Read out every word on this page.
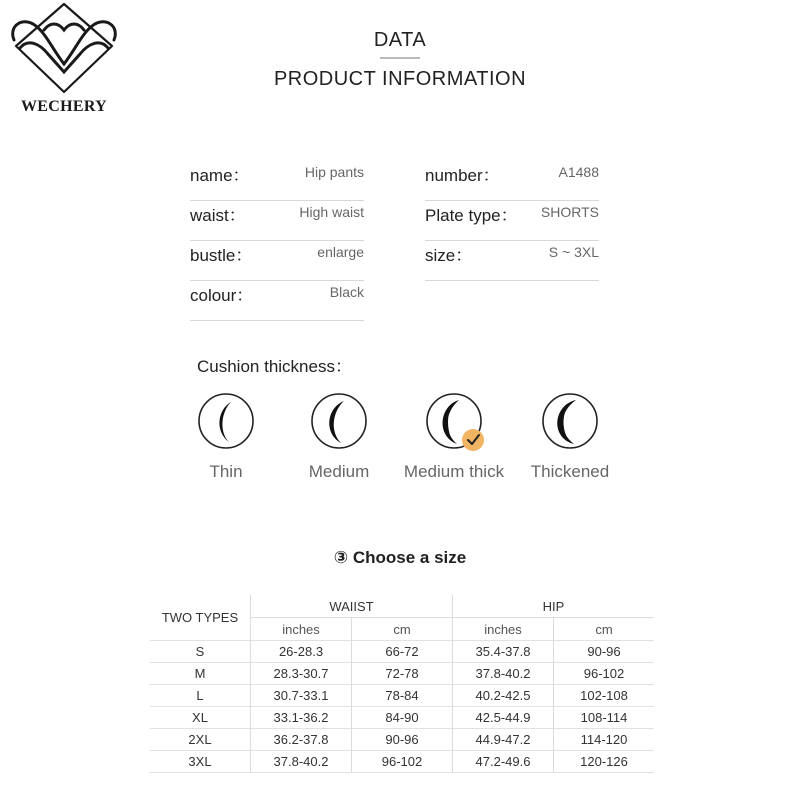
WECHERY
DATA
PRODUCT INFORMATION
name：	Hip pants
waist：	High waist
bustle：	enlarge
colour：	Black
number：	A1488
Plate type： SHORTS
size：	S ~ 3XL
Cushion thickness：
Thin	Medium	Medium thick	Thickened
③ Choose a size
TWO TYPES	WAIIST		HIP	
	inches	cm	inches	cm
S	26-28.3	66-72	35.4-37.8	90-96
M	28.3-30.7	72-78	37.8-40.2	96-102
L	30.7-33.1	78-84	40.2-42.5	102-108
XL	33.1-36.2	84-90	42.5-44.9	108-114
2XL	36.2-37.8	90-96	44.9-47.2	114-120
3XL	37.8-40.2	96-102	47.2-49.6	120-126
